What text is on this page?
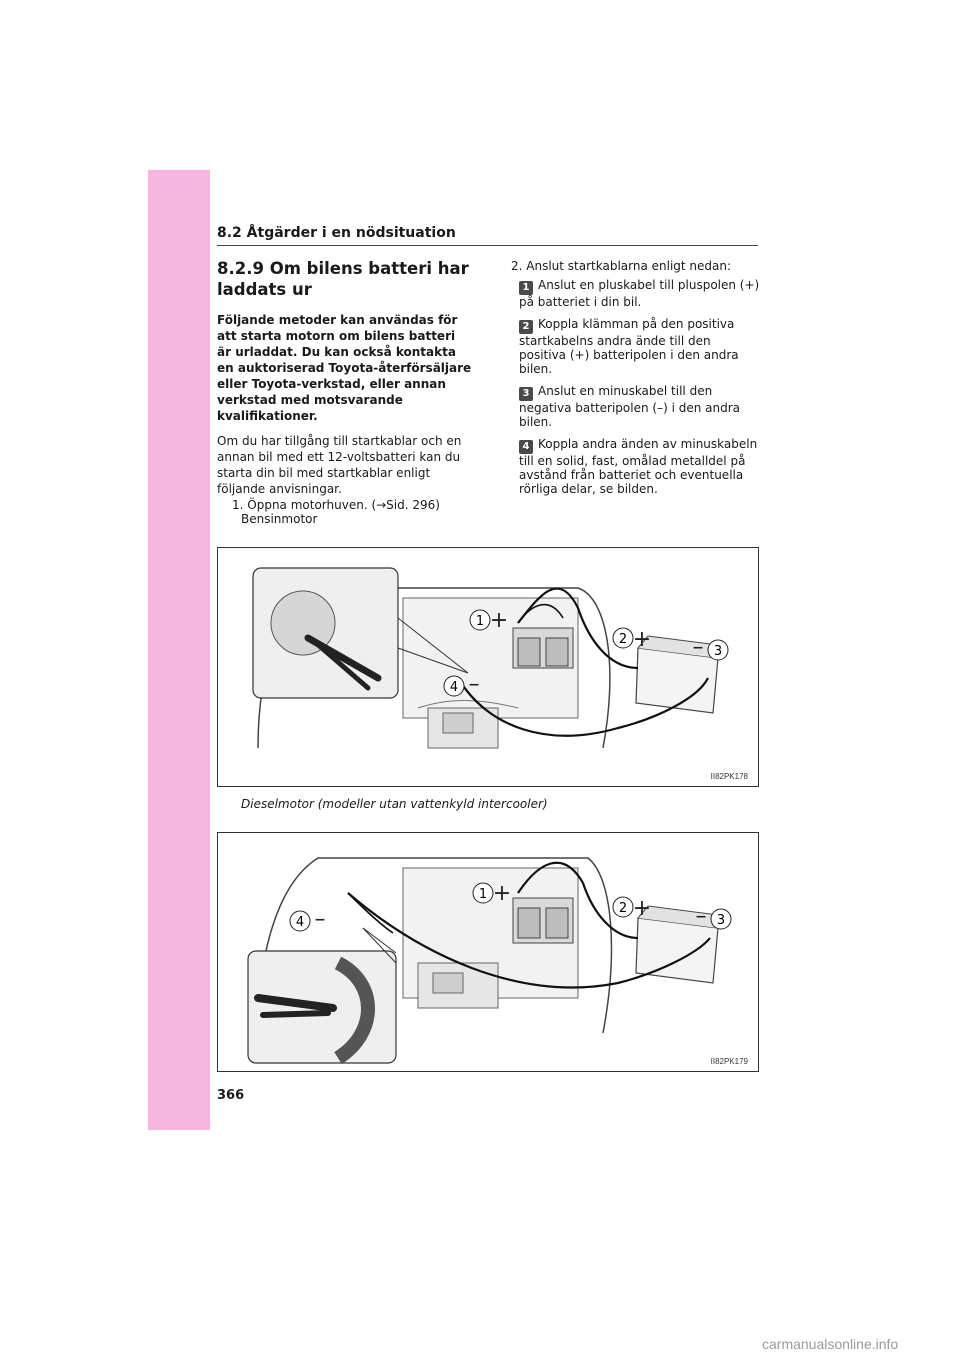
8.2 Åtgärder i en nödsituation
8.2.9 Om bilens batteri har laddats ur

Följande metoder kan användas för att starta motorn om bilens batteri är urladdat. Du kan också kontakta en auktoriserad Toyota-återförsäljare eller Toyota-verkstad, eller annan verkstad med motsvarande kvalifikationer.

Om du har tillgång till startkablar och en annan bil med ett 12-voltsbatteri kan du starta din bil med startkablar enligt följande anvisningar.

1. Öppna motorhuven. (→Sid. 296)

2. Anslut startkablarna enligt nedan:

1 Anslut en pluskabel till pluspolen (+) på batteriet i din bil.
2 Koppla klämman på den positiva startkabelns andra ände till den positiva (+) batteripolen i den andra bilen.
3 Anslut en minuskabel till den negativa batteripolen (–) i den andra bilen.
4 Koppla andra änden av minuskabeln till en solid, fast, omålad metalldel på avstånd från batteriet och eventuella rörliga delar, se bilden.
Bensinmotor
1 +
2 +	3
–
4 –
II82PK178
Dieselmotor (modeller utan vattenkyld intercooler)
1 +
2 +	3
–
4 –
II82PK179
366
carmanualsonline.info
